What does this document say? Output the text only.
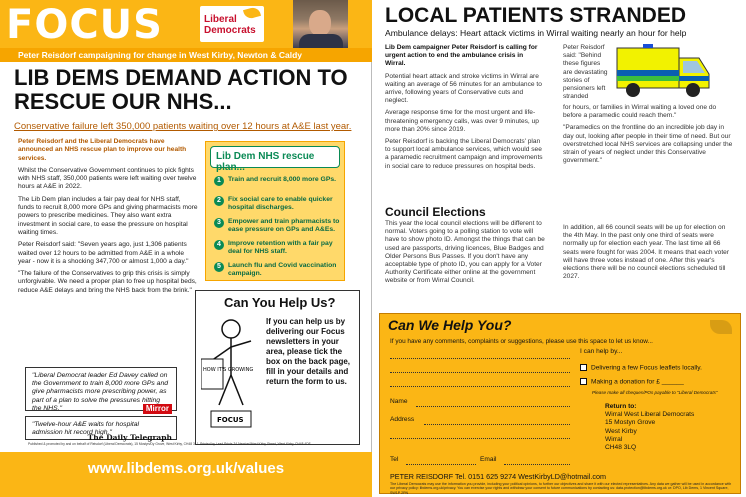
FOCUS	Liberal
Democrats
Peter Reisdorf campaigning for change in West Kirby, Newton & Caldy
LIB DEMS DEMAND ACTION TO RESCUE OUR NHS...
Conservative failure left 350,000 patients waiting over 12 hours at A&E last year.

Peter Reisdorf and the Liberal Democrats have announced an NHS rescue plan to improve our health services.

Whilst the Conservative Government continues to pick fights with NHS staff, 350,000 patients were left waiting over twelve hours at A&E in 2022.

The Lib Dem plan includes a fair pay deal for NHS staff, funds to recruit 8,000 more GPs and giving pharmacists more powers to prescribe medicines. They also want extra investment in social care, to ease the pressure on hospital waiting times.

Peter Reisdorf said: "Seven years ago, just 1,306 patients waited over 12 hours to be admitted from A&E in a whole year - now it is a shocking 347,700 or almost 1,000 a day."

"The failure of the Conservatives to grip this crisis is simply unforgivable. We need a proper plan to free up hospital beds, reduce A&E delays and bring the NHS back from the brink."

Lib Dem NHS rescue plan...
1	Train and recruit 8,000 more GPs.
2	Fix social care to enable quicker hospital discharges.
3	Empower and train pharmacists to ease pressure on GPs and A&Es.
4	Improve retention with a fair pay deal for NHS staff.
5	Launch flu and Covid vaccination campaign.
"Liberal Democrat leader Ed Davey called on the Government to train 8,000 more GPs and give pharmacists more prescribing power, as part of a plan to solve the pressures hitting the NHS."	Mirror
"Twelve-hour A&E waits for hospital admission hit record high."
The Daily Telegraph
Can You Help Us?
HOW IT'S GROWING
FOCUS
If you can help us by delivering our Focus newsletters in your area, please tick the box on the back page, fill in your details and return the form to us.
Published & promoted by and on behalf of Reisdorf (Liberal Democrats), 15 Mostyn/Dy Grove, West Kirby, CH48 3LJ. Printed by Lead Prints 34 Newton/West Kirby Street, West Kirby, CH48 4DF
www.libdems.org.uk/values
LOCAL PATIENTS STRANDED
Ambulance delays: Heart attack victims in Wirral waiting nearly an hour for help

Lib Dem campaigner Peter Reisdorf is calling for urgent action to end the ambulance crisis in Wirral.

Potential heart attack and stroke victims in Wirral are waiting an average of 56 minutes for an ambulance to arrive, following years of Conservative cuts and neglect.

Average response time for the most urgent and life-threatening emergency calls, was over 9 minutes, up more than 20% since 2019.

Peter Reisdorf is backing the Liberal Democrats' plan to support local ambulance services, which would see a paramedic recruitment campaign and improvements in social care to reduce pressures on hospital beds.

Peter Reisdorf said: "Behind these figures are devastating stories of pensioners left stranded

for hours, or families in Wirral waiting a loved one do before a paramedic could reach them."

"Paramedics on the frontline do an incredible job day in day out, looking after people in their time of need. But our overstretched local NHS services are collapsing under the strain of years of neglect under this Conservative government."

Council Elections
This year the local council elections will be different to normal. Voters going to a polling station to vote will have to show photo ID. Amongst the things that can be used are passports, driving licences, Blue Badges and Older Persons Bus Passes. If you don't have any acceptable type of photo ID, you can apply for a Voter Authority Certificate either online at the government website or from Wirral Council.
In addition, all 66 council seats will be up for election on the 4th May. In the past only one third of seats were normally up for election each year. The last time all 66 seats were fought for was 2004. It means that each voter will have three votes instead of one. After this year's elections there will be no council elections scheduled till 2027.
Can We Help You?
If you have any comments, complaints or suggestions, please use this space to let us know...
Name
Address
Tel	Email
I can help by...
Delivering a few Focus leaflets locally.
Making a donation for £ ______
Please make all cheques/POs payable to "Liberal Democrats"
Return to:
Wirral West Liberal Democrats
15 Mostyn Grove
West Kirby
Wirral
CH48 3LQ
PETER REISDORF Tel. 0151 625 9274 WestKirbyLD@hotmail.com
The Liberal Democrats may use the information you provide, including your political opinions, to further our objectives and share it with our elected representatives. Any data we gather will be used in accordance with our privacy policy: libdems.org.uk/privacy. You can exercise your rights and withdraw your consent to future communications by contacting us: data.protection@libdems.org.uk or: DPO, Lib Dems, 1 Vincent Square, SW1P 2PN
